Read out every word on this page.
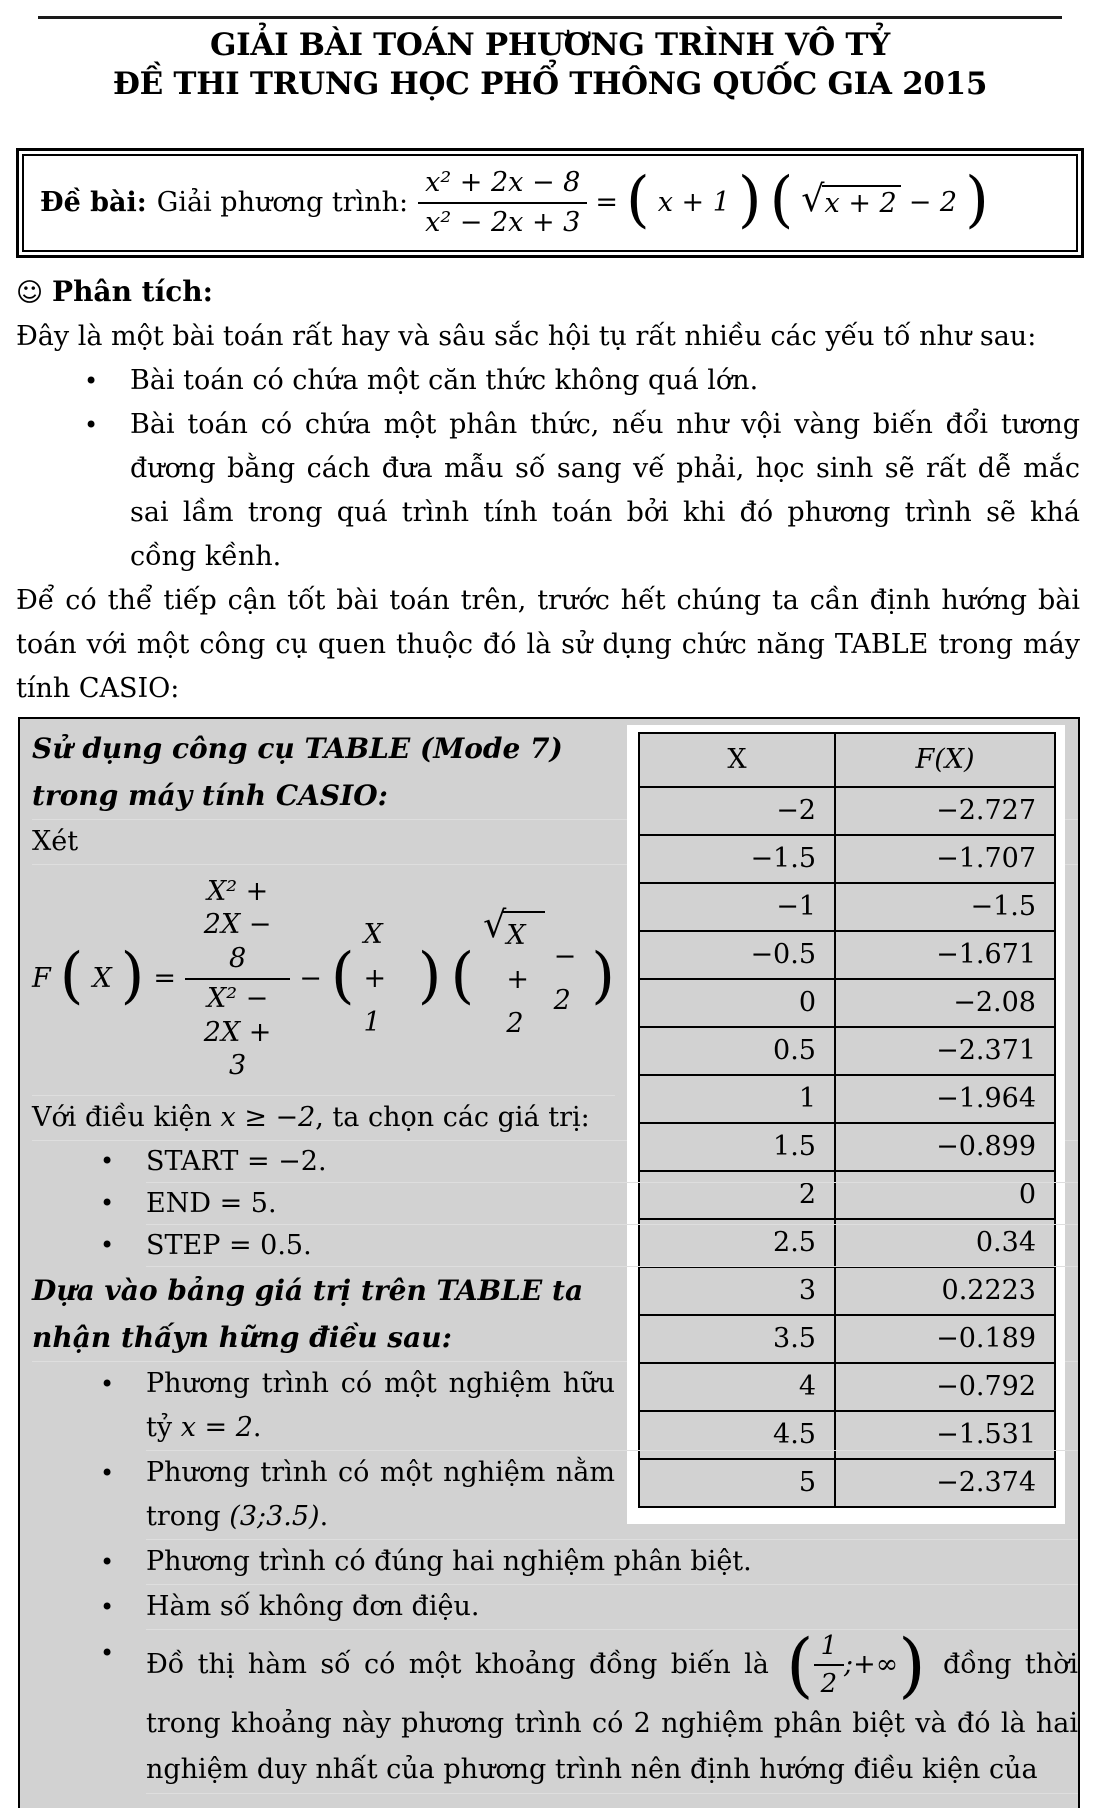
GIẢI BÀI TOÁN PHƯƠNG TRÌNH VÔ TỶ
ĐỀ THI TRUNG HỌC PHỔ THÔNG QUỐC GIA 2015
Đề bài: Giải phương trình: $\frac{\text{x² + 2x − 8}}{\text{x² − 2x + 3}}$ = ( x + 1 ) ( √ x + 2 − 2 )
☺ Phân tích:

Đây là một bài toán rất hay và sâu sắc hội tụ rất nhiều các yếu tố như sau:

• Bài toán có chứa một căn thức không quá lớn.
• Bài toán có chứa một phân thức, nếu như vội vàng biến đổi tương đương bằng cách đưa mẫu số sang vế phải, học sinh sẽ rất dễ mắc sai lầm trong quá trình tính toán bởi khi đó phương trình sẽ khá cồng kềnh.

Để có thể tiếp cận tốt bài toán trên, trước hết chúng ta cần định hướng bài toán với một công cụ quen thuộc đó là sử dụng chức năng TABLE trong máy tính CASIO:

X	F(X)
−2	−2.727
−1.5	−1.707
−1	−1.5
−0.5	−1.671
0	−2.08
0.5	−2.371
1	−1.964
1.5	−0.899
2	0
2.5	0.34
3	0.2223
3.5	−0.189
4	−0.792
4.5	−1.531
5	−2.374
Sử dụng công cụ TABLE (Mode 7) trong máy tính CASIO:
Xét
F ( X ) = $\frac{\text{X² + 2X − 8}}{\text{X² − 2X + 3}}$ − (
X + 1
) (
√ X + 2
− 2 )
Với điều kiện x ≥ −2, ta chọn các giá trị:
• START = −2.
• END = 5.
• STEP = 0.5.
Dựa vào bảng giá trị trên TABLE ta nhận thấyn hững điều sau:
• Phương trình có một nghiệm hữu tỷ x = 2.
• Phương trình có một nghiệm nằm trong (3;3.5).
• Phương trình có đúng hai nghiệm phân biệt.
• Hàm số không đơn điệu.
• Đồ thị hàm số có một khoảng đồng biến là ( $\frac{1}{2}$ ;+∞ ) đồng thời trong khoảng này phương trình có 2 nghiệm phân biệt và đó là hai nghiệm duy nhất của phương trình nên định hướng điều kiện của
